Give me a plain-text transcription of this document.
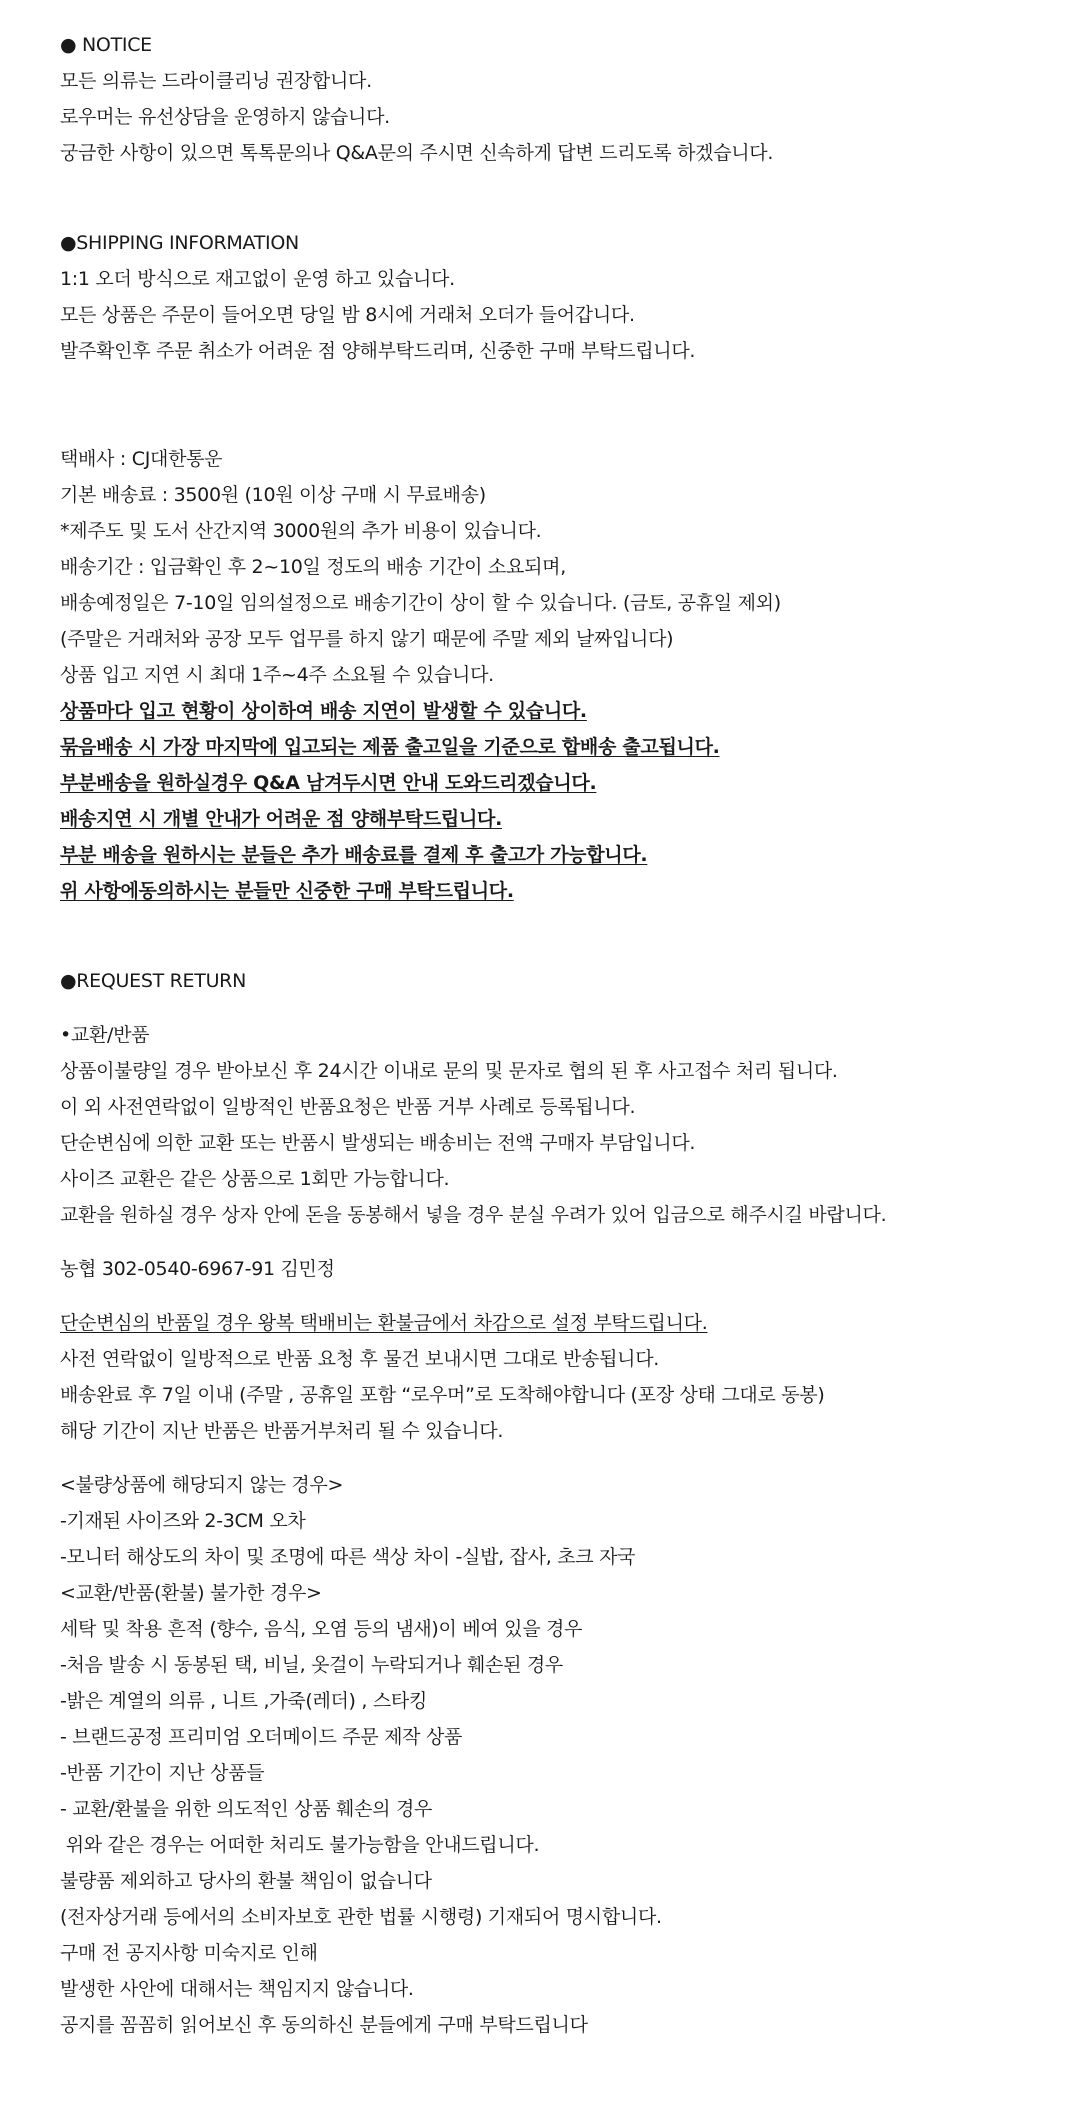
● NOTICE
모든 의류는 드라이클리닝 권장합니다.
로우머는 유선상담을 운영하지 않습니다.
궁금한 사항이 있으면 톡톡문의나 Q&A문의 주시면 신속하게 답변 드리도록 하겠습니다.
●SHIPPING INFORMATION
1:1 오더 방식으로 재고없이 운영 하고 있습니다.
모든 상품은 주문이 들어오면 당일 밤 8시에 거래처 오더가 들어갑니다.
발주확인후 주문 취소가 어려운 점 양해부탁드리며, 신중한 구매 부탁드립니다.
택배사 : CJ대한통운
기본 배송료 : 3500원 (10원 이상 구매 시 무료배송)
*제주도 및 도서 산간지역 3000원의 추가 비용이 있습니다.
배송기간 : 입금확인 후 2~10일 정도의 배송 기간이 소요되며,
배송예정일은 7-10일 임의설정으로 배송기간이 상이 할 수 있습니다. (금토, 공휴일 제외)
(주말은 거래처와 공장 모두 업무를 하지 않기 때문에 주말 제외 날짜입니다)
상품 입고 지연 시 최대 1주~4주 소요될 수 있습니다.
상품마다 입고 현황이 상이하여 배송 지연이 발생할 수 있습니다.
묶음배송 시 가장 마지막에 입고되는 제품 출고일을 기준으로 합배송 출고됩니다.
부분배송을 원하실경우 Q&A 남겨두시면 안내 도와드리겠습니다.
배송지연 시 개별 안내가 어려운 점 양해부탁드립니다.
부분 배송을 원하시는 분들은 추가 배송료를 결제 후 출고가 가능합니다.
위 사항에동의하시는 분들만 신중한 구매 부탁드립니다.
●REQUEST RETURN
•교환/반품
상품이불량일 경우 받아보신 후 24시간 이내로 문의 및 문자로 협의 된 후 사고접수 처리 됩니다.
이 외 사전연락없이 일방적인 반품요청은 반품 거부 사례로 등록됩니다.
단순변심에 의한 교환 또는 반품시 발생되는 배송비는 전액 구매자 부담입니다.
사이즈 교환은 같은 상품으로 1회만 가능합니다.
교환을 원하실 경우 상자 안에 돈을 동봉해서 넣을 경우 분실 우려가 있어 입금으로 해주시길 바랍니다.
농협 302-0540-6967-91 김민정
단순변심의 반품일 경우 왕복 택배비는 환불금에서 차감으로 설정 부탁드립니다.
사전 연락없이 일방적으로 반품 요청 후 물건 보내시면 그대로 반송됩니다.
배송완료 후 7일 이내 (주말 , 공휴일 포함 “로우머”로 도착해야합니다 (포장 상태 그대로 동봉)
해당 기간이 지난 반품은 반품거부처리 될 수 있습니다.
<불량상품에 해당되지 않는 경우>
-기재된 사이즈와 2-3CM 오차
-모니터 해상도의 차이 및 조명에 따른 색상 차이 -실밥, 잡사, 초크 자국
<교환/반품(환불) 불가한 경우>
세탁 및 착용 흔적 (향수, 음식, 오염 등의 냄새)이 베여 있을 경우
-처음 발송 시 동봉된 택, 비닐, 옷걸이 누락되거나 훼손된 경우
-밝은 계열의 의류 , 니트 ,가죽(레더) , 스타킹
- 브랜드공정 프리미엄 오더메이드 주문 제작 상품
-반품 기간이 지난 상품들
- 교환/환불을 위한 의도적인 상품 훼손의 경우
위와 같은 경우는 어떠한 처리도 불가능함을 안내드립니다.
불량품 제외하고 당사의 환불 책임이 없습니다
(전자상거래 등에서의 소비자보호 관한 법률 시행령) 기재되어 명시합니다.
구매 전 공지사항 미숙지로 인해
발생한 사안에 대해서는 책임지지 않습니다.
공지를 꼼꼼히 읽어보신 후 동의하신 분들에게 구매 부탁드립니다
